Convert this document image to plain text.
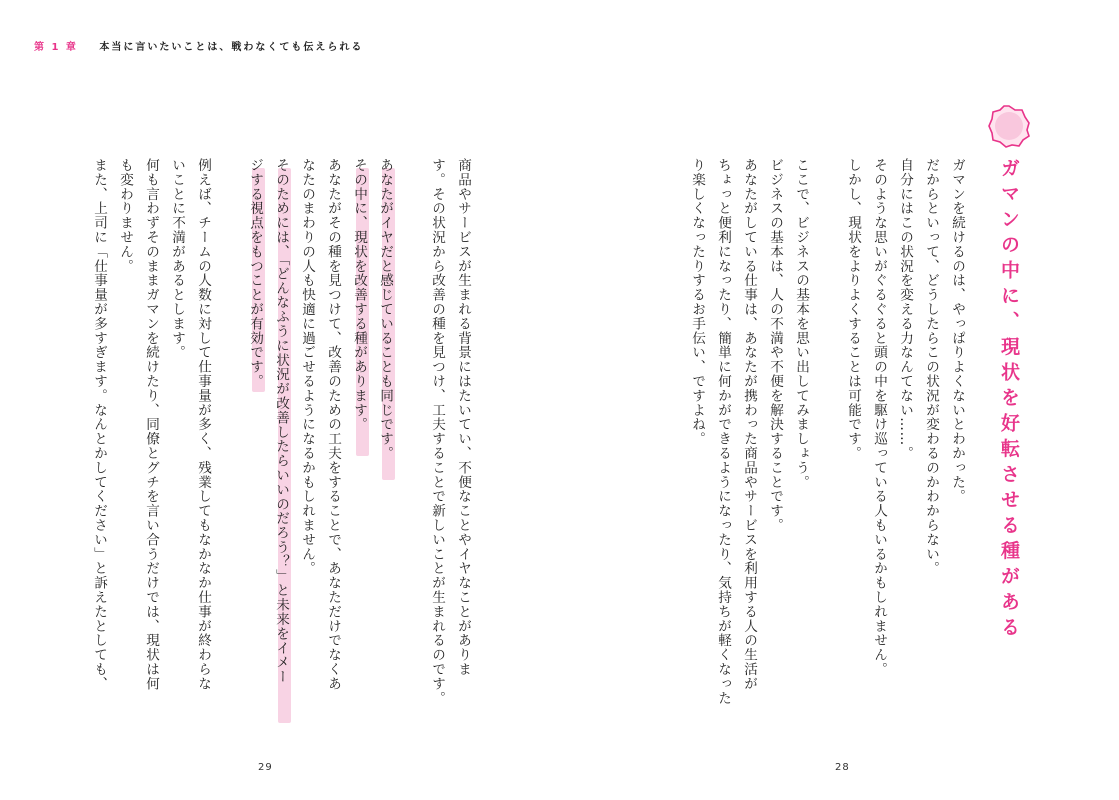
第 1 章 本当に言いたいことは、戦わなくても伝えられる
ガマンの中に、現状を好転させる種がある
ガマンを続けるのは、やっぱりよくないとわかった。
だからといって、どうしたらこの状況が変わるのかわからない。
自分にはこの状況を変える力なんてない……。
そのような思いがぐるぐると頭の中を駆け巡っている人もいるかもしれません。
しかし、現状をよりよくすることは可能です。
ここで、ビジネスの基本を思い出してみましょう。
ビジネスの基本は、人の不満や不便を解決することです。
あなたがしている仕事は、あなたが携わった商品やサービスを利用する人の生活が
ちょっと便利になったり、簡単に何かができるようになったり、気持ちが軽くなった
り楽しくなったりするお手伝い、ですよね。
商品やサービスが生まれる背景にはたいてい、不便なことやイヤなことがありま
す。その状況から改善の種を見つけ、工夫することで新しいことが生まれるのです。
あなたがイヤだと感じていることも同じです。
その中に、現状を改善する種があります。
あなたがその種を見つけて、改善のための工夫をすることで、あなただけでなくあ
なたのまわりの人も快適に過ごせるようになるかもしれません。
そのためには、「どんなふうに状況が改善したらいいのだろう？」と未来をイメー
ジする視点をもつことが有効です。
例えば、チームの人数に対して仕事量が多く、残業してもなかなか仕事が終わらな
いことに不満があるとします。
何も言わずそのままガマンを続けたり、同僚とグチを言い合うだけでは、現状は何
も変わりません。
また、上司に「仕事量が多すぎます。なんとかしてください」と訴えたとしても、
29	28
